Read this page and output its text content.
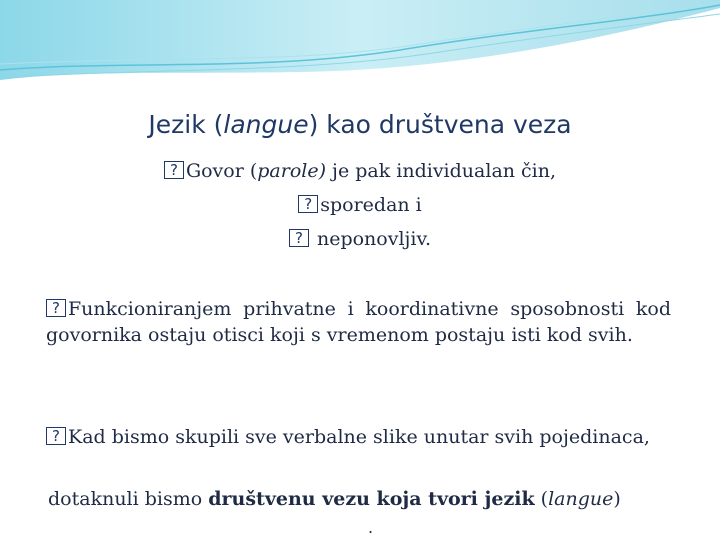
Jezik (langue) kao društvena veza
? Govor (parole) je pak individualan čin,
? sporedan i
? neponovljiv.
? Funkcioniranjem prihvatne i koordinativne sposobnosti kod govornika ostaju otisci koji s vremenom postaju isti kod svih.
? Kad bismo skupili sve verbalne slike unutar svih pojedinaca,
dotaknuli bismo društvenu vezu koja tvori jezik (langue)
.
